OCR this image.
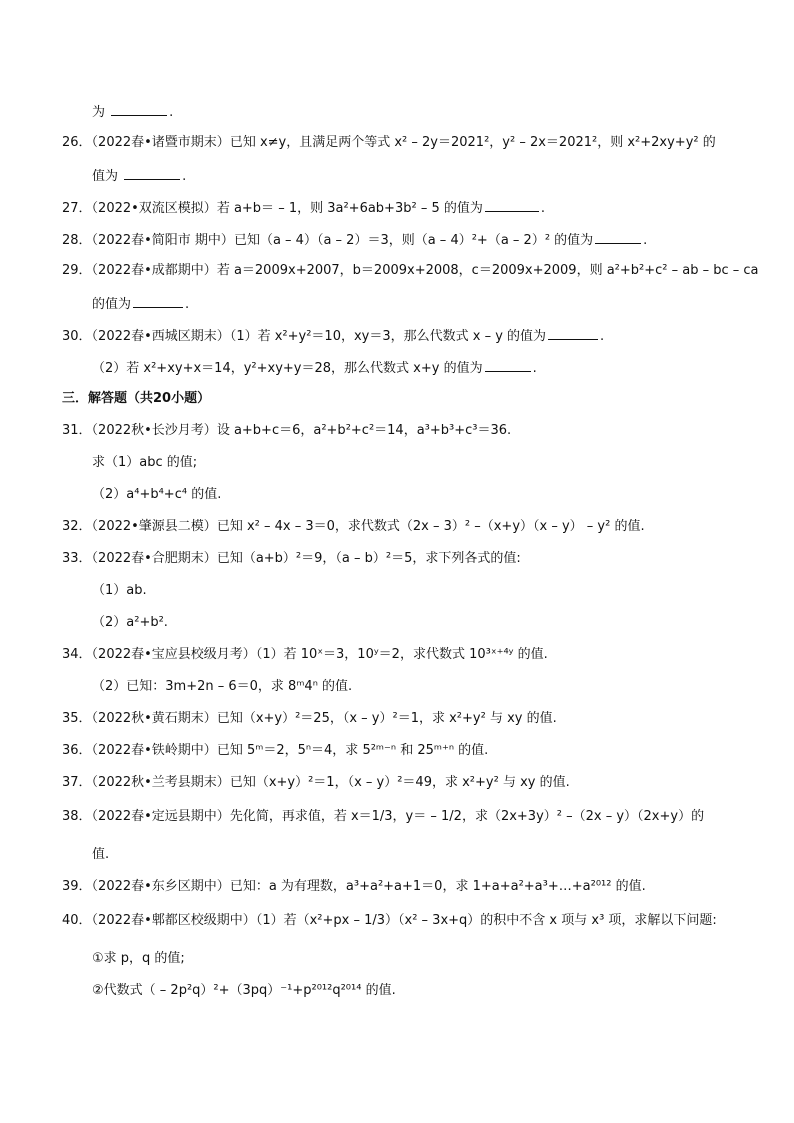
为	.
26．（2022春•诸暨市期末）已知 x≠y，且满足两个等式 x² – 2y＝2021²，y² – 2x＝2021²，则 x²+2xy+y² 的
值为	.
27．（2022•双流区模拟）若 a+b＝ – 1，则 3a²+6ab+3b² – 5 的值为	.
28．（2022春•简阳市 期中）已知（a – 4）（a – 2）＝3，则（a – 4）²+（a – 2）² 的值为	.
29．（2022春•成都期中）若 a＝2009x+2007，b＝2009x+2008，c＝2009x+2009，则 a²+b²+c² – ab – bc – ca
的值为	.
30．（2022春•西城区期末）（1）若 x²+y²＝10，xy＝3，那么代数式 x – y 的值为	.
（2）若 x²+xy+x＝14，y²+xy+y＝28，那么代数式 x+y 的值为	.
三．解答题（共20小题）
31．（2022秋•长沙月考）设 a+b+c＝6，a²+b²+c²＝14，a³+b³+c³＝36.
求（1）abc 的值;
（2）a⁴+b⁴+c⁴ 的值.
32．（2022•肇源县二模）已知 x² – 4x – 3＝0，求代数式（2x – 3）² –（x+y）（x – y） – y² 的值.
33．（2022春•合肥期末）已知（a+b）²＝9，（a – b）²＝5，求下列各式的值:
（1）ab.
（2）a²+b².
34．（2022春•宝应县校级月考）（1）若 10ˣ＝3，10ʸ＝2，求代数式 10³ˣ⁺⁴ʸ 的值.
（2）已知：3m+2n – 6＝0，求 8ᵐ4ⁿ 的值.
35．（2022秋•黄石期末）已知（x+y）²＝25，（x – y）²＝1，求 x²+y² 与 xy 的值.
36．（2022春•铁岭期中）已知 5ᵐ＝2，5ⁿ＝4，求 5²ᵐ⁻ⁿ 和 25ᵐ⁺ⁿ 的值.
37．（2022秋•兰考县期末）已知（x+y）²＝1，（x – y）²＝49，求 x²+y² 与 xy 的值.
38．（2022春•定远县期中）先化简，再求值，若 x＝1/3，y＝ – 1/2，求（2x+3y）² –（2x – y）（2x+y）的
值.
39．（2022春•东乡区期中）已知：a 为有理数，a³+a²+a+1＝0，求 1+a+a²+a³+…+a²⁰¹² 的值.
40．（2022春•郫都区校级期中）（1）若（x²+px – 1/3）（x² – 3x+q）的积中不含 x 项与 x³ 项，求解以下问题:
①求 p，q 的值;
②代数式（ – 2p²q）²+（3pq）⁻¹+p²⁰¹²q²⁰¹⁴ 的值.
